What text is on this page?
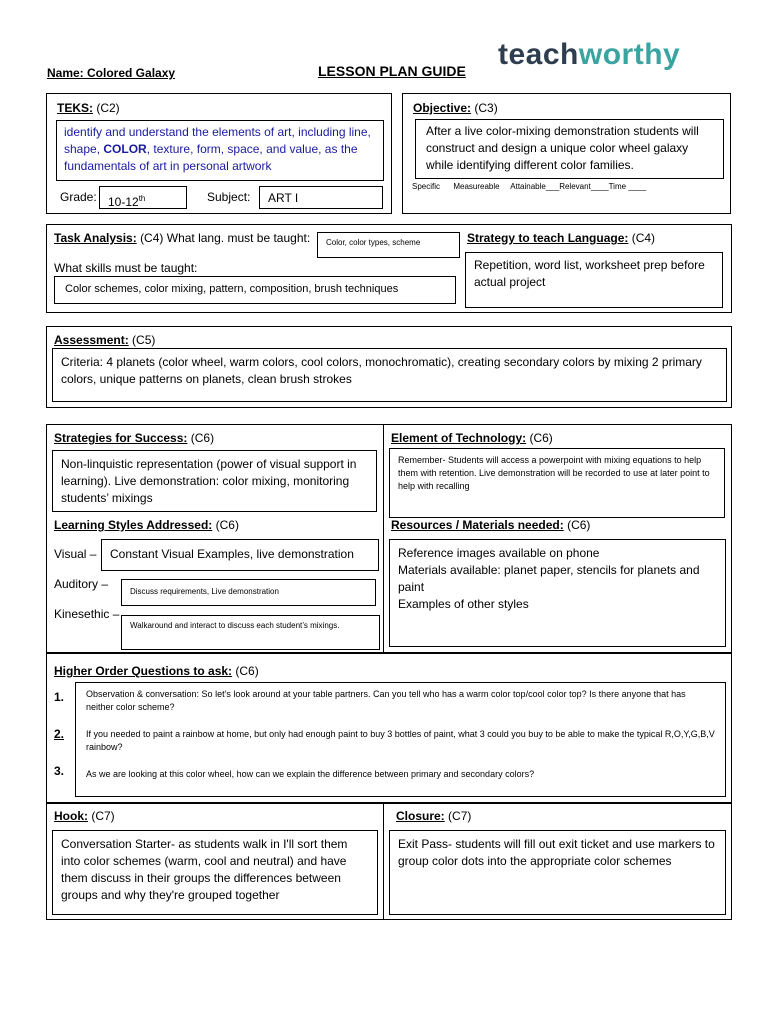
Name: Colored Galaxy	LESSON PLAN GUIDE teachworthy
TEKS: (C2)
identify and understand the elements of art, including line, shape, COLOR, texture, form, space, and value, as the fundamentals of art in personal artwork
Grade: 10-12th	Subject:	ART I
Objective: (C3)
After a live color-mixing demonstration students will construct and design a unique color wheel galaxy while identifying different color families.
Specific      Measureable     Attainable___Relevant____Time ____
Task Analysis: (C4) What lang. must be taught:	Color, color types, scheme
What skills must be taught:
Color schemes, color mixing, pattern, composition, brush techniques
Strategy to teach Language: (C4)
Repetition, word list, worksheet prep before actual project
Assessment: (C5)
Criteria: 4 planets (color wheel, warm colors, cool colors, monochromatic), creating secondary colors by mixing 2 primary colors, unique patterns on planets, clean brush strokes
Strategies for Success: (C6)
Non-linquistic representation (power of visual support in learning). Live demonstration: color mixing, monitoring students’ mixings
Element of Technology: (C6)
Remember- Students will access a powerpoint with mixing equations to help them with retention. Live demonstration will be recorded to use at later point to help with recalling
Learning Styles Addressed: (C6)
Visual –	Constant Visual Examples, live demonstration
Auditory –
Discuss requirements, Live demonstration
Kinesethic –
Walkaround and interact to discuss each student’s mixings.
Resources / Materials needed: (C6)
Reference images available on phone
Materials available: planet paper, stencils for planets and paint
Examples of other styles
Higher Order Questions to ask: (C6)
1.
2.
3.
Observation & conversation: So let’s look around at your table partners. Can you tell who has a warm color top/cool color top? Is there anyone that has neither color scheme?
If you needed to paint a rainbow at home, but only had enough paint to buy 3 bottles of paint, what 3 could you buy to be able to make the typical R,O,Y,G,B,V rainbow?
As we are looking at this color wheel, how can we explain the difference between primary and secondary colors?
Hook: (C7)
Conversation Starter- as students walk in I'll sort them into color schemes (warm, cool and neutral) and have them discuss in their groups the differences between groups and why they're grouped together
Closure: (C7)
Exit Pass- students will fill out exit ticket and use markers to group color dots into the appropriate color schemes
